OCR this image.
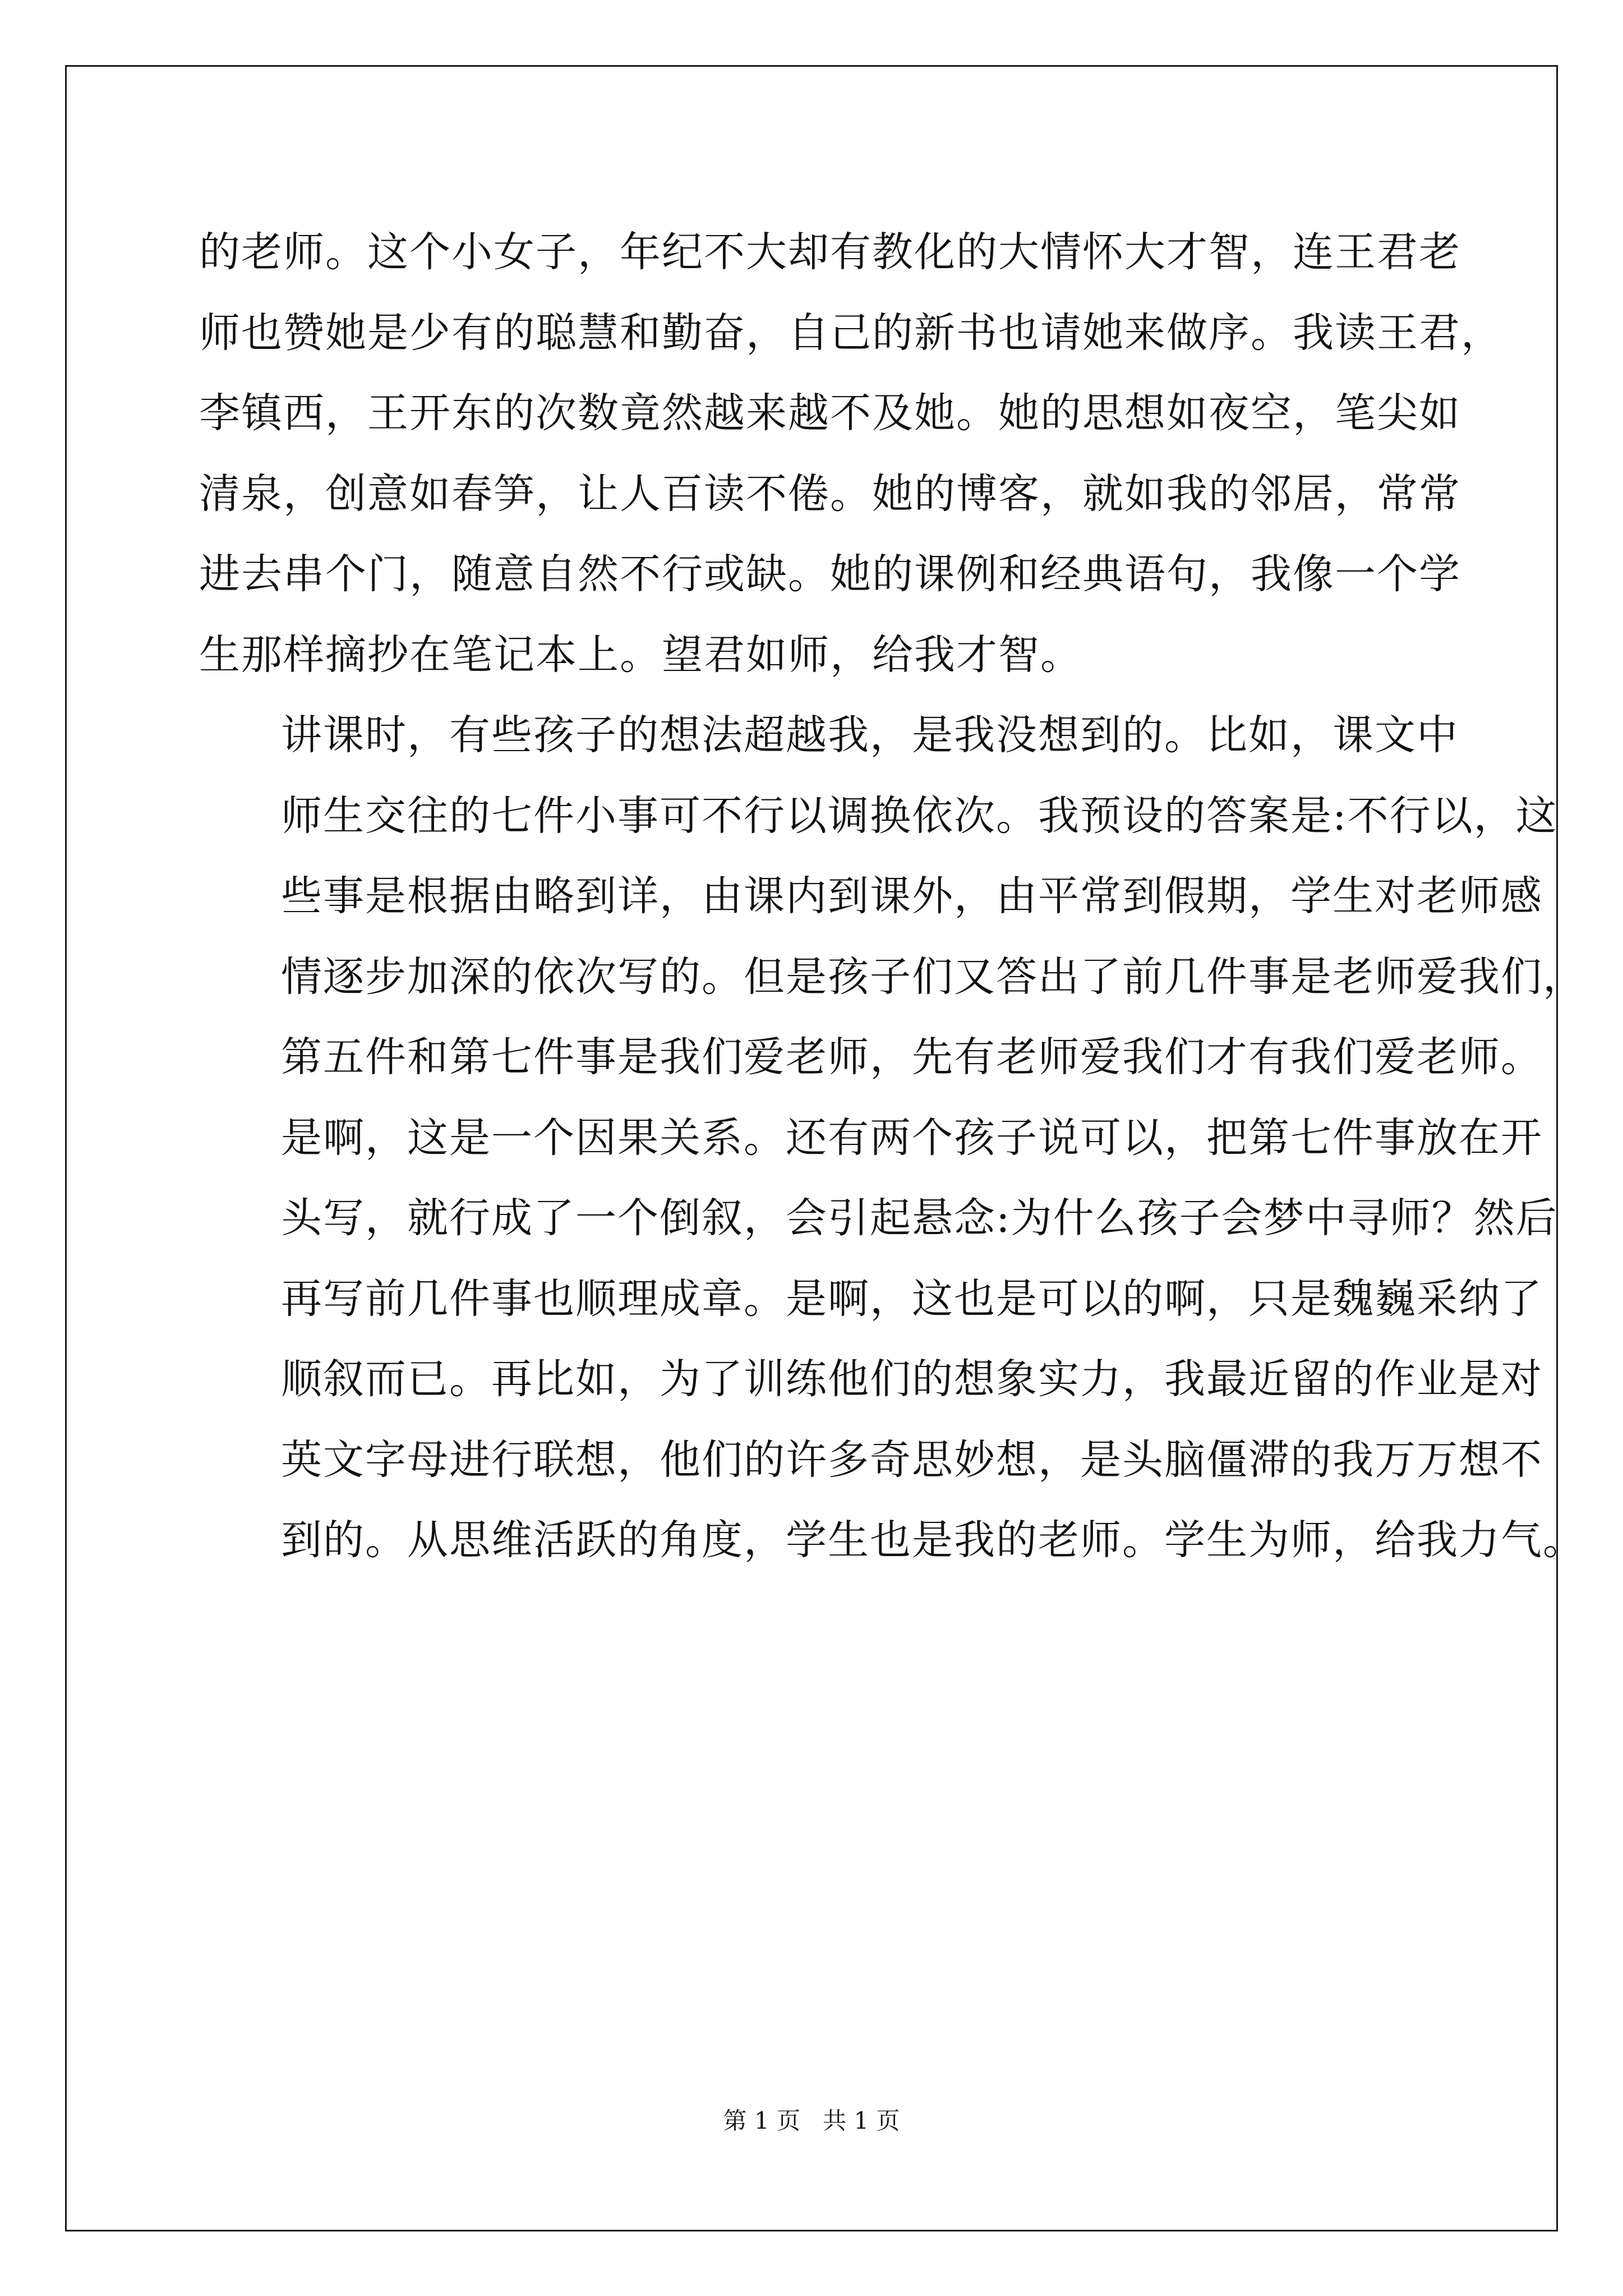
的老师。这个小女子，年纪不大却有教化的大情怀大才智，连王君老
师也赞她是少有的聪慧和勤奋，自己的新书也请她来做序。我读王君，
李镇西，王开东的次数竟然越来越不及她。她的思想如夜空，笔尖如
清泉，创意如春笋，让人百读不倦。她的博客，就如我的邻居，常常
进去串个门，随意自然不行或缺。她的课例和经典语句，我像一个学
生那样摘抄在笔记本上。望君如师，给我才智。

讲课时，有些孩子的想法超越我，是我没想到的。比如，课文中
师生交往的七件小事可不行以调换依次。我预设的答案是:不行以，这
些事是根据由略到详，由课内到课外，由平常到假期，学生对老师感
情逐步加深的依次写的。但是孩子们又答出了前几件事是老师爱我们，
第五件和第七件事是我们爱老师，先有老师爱我们才有我们爱老师。
是啊，这是一个因果关系。还有两个孩子说可以，把第七件事放在开
头写，就行成了一个倒叙，会引起悬念:为什么孩子会梦中寻师？然后
再写前几件事也顺理成章。是啊，这也是可以的啊，只是魏巍采纳了
顺叙而已。再比如，为了训练他们的想象实力，我最近留的作业是对
英文字母进行联想，他们的许多奇思妙想，是头脑僵滞的我万万想不
到的。从思维活跃的角度，学生也是我的老师。学生为师，给我力气。

第 1 页   共 1 页
